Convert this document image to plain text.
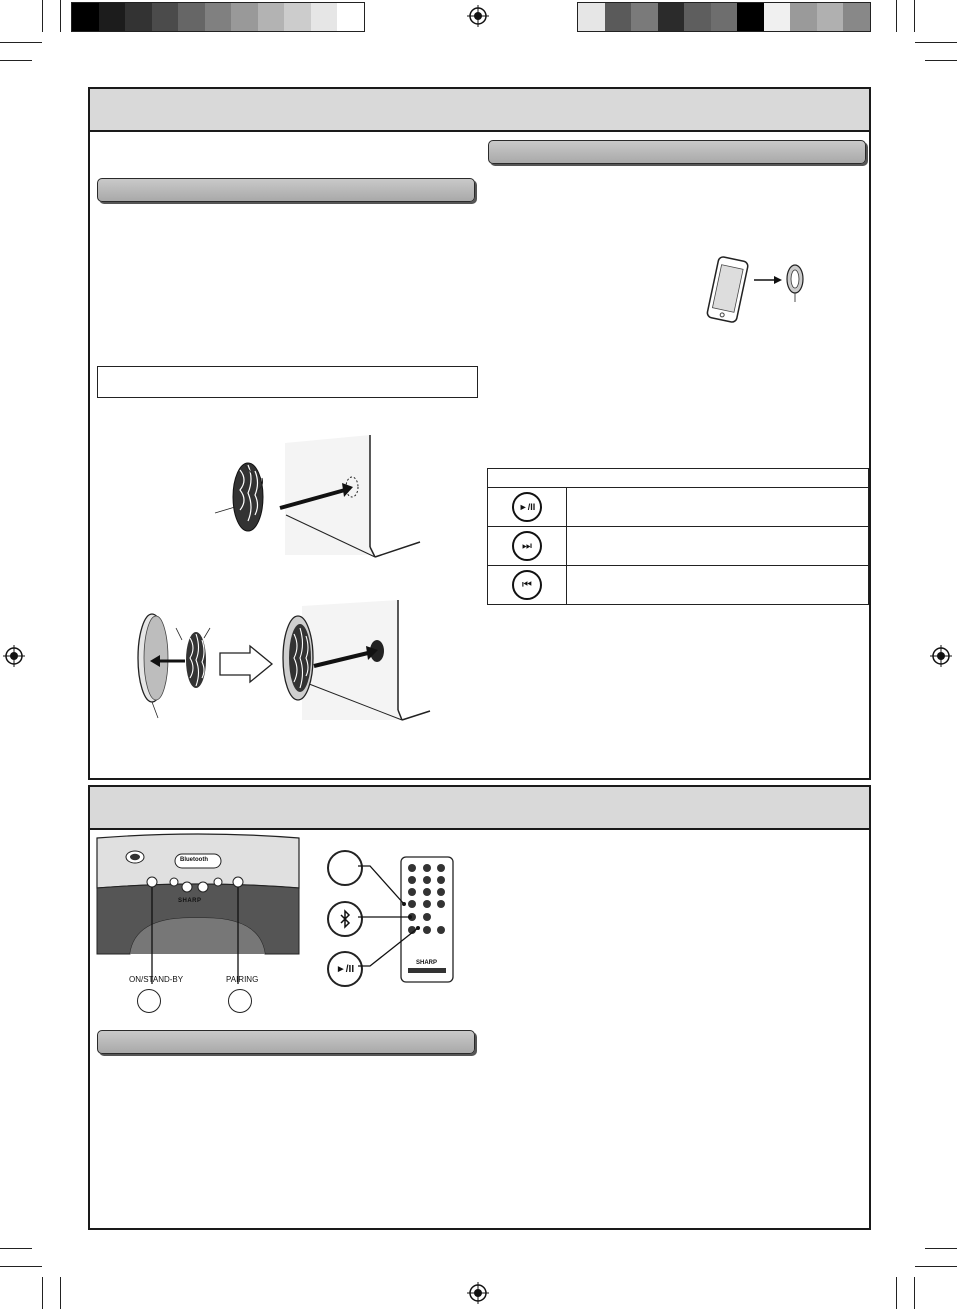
►/II	

⏭	

⏮	

Bluetooth
SHARP
ON/STAND-BY	PAIRING
SHARP
►/II
